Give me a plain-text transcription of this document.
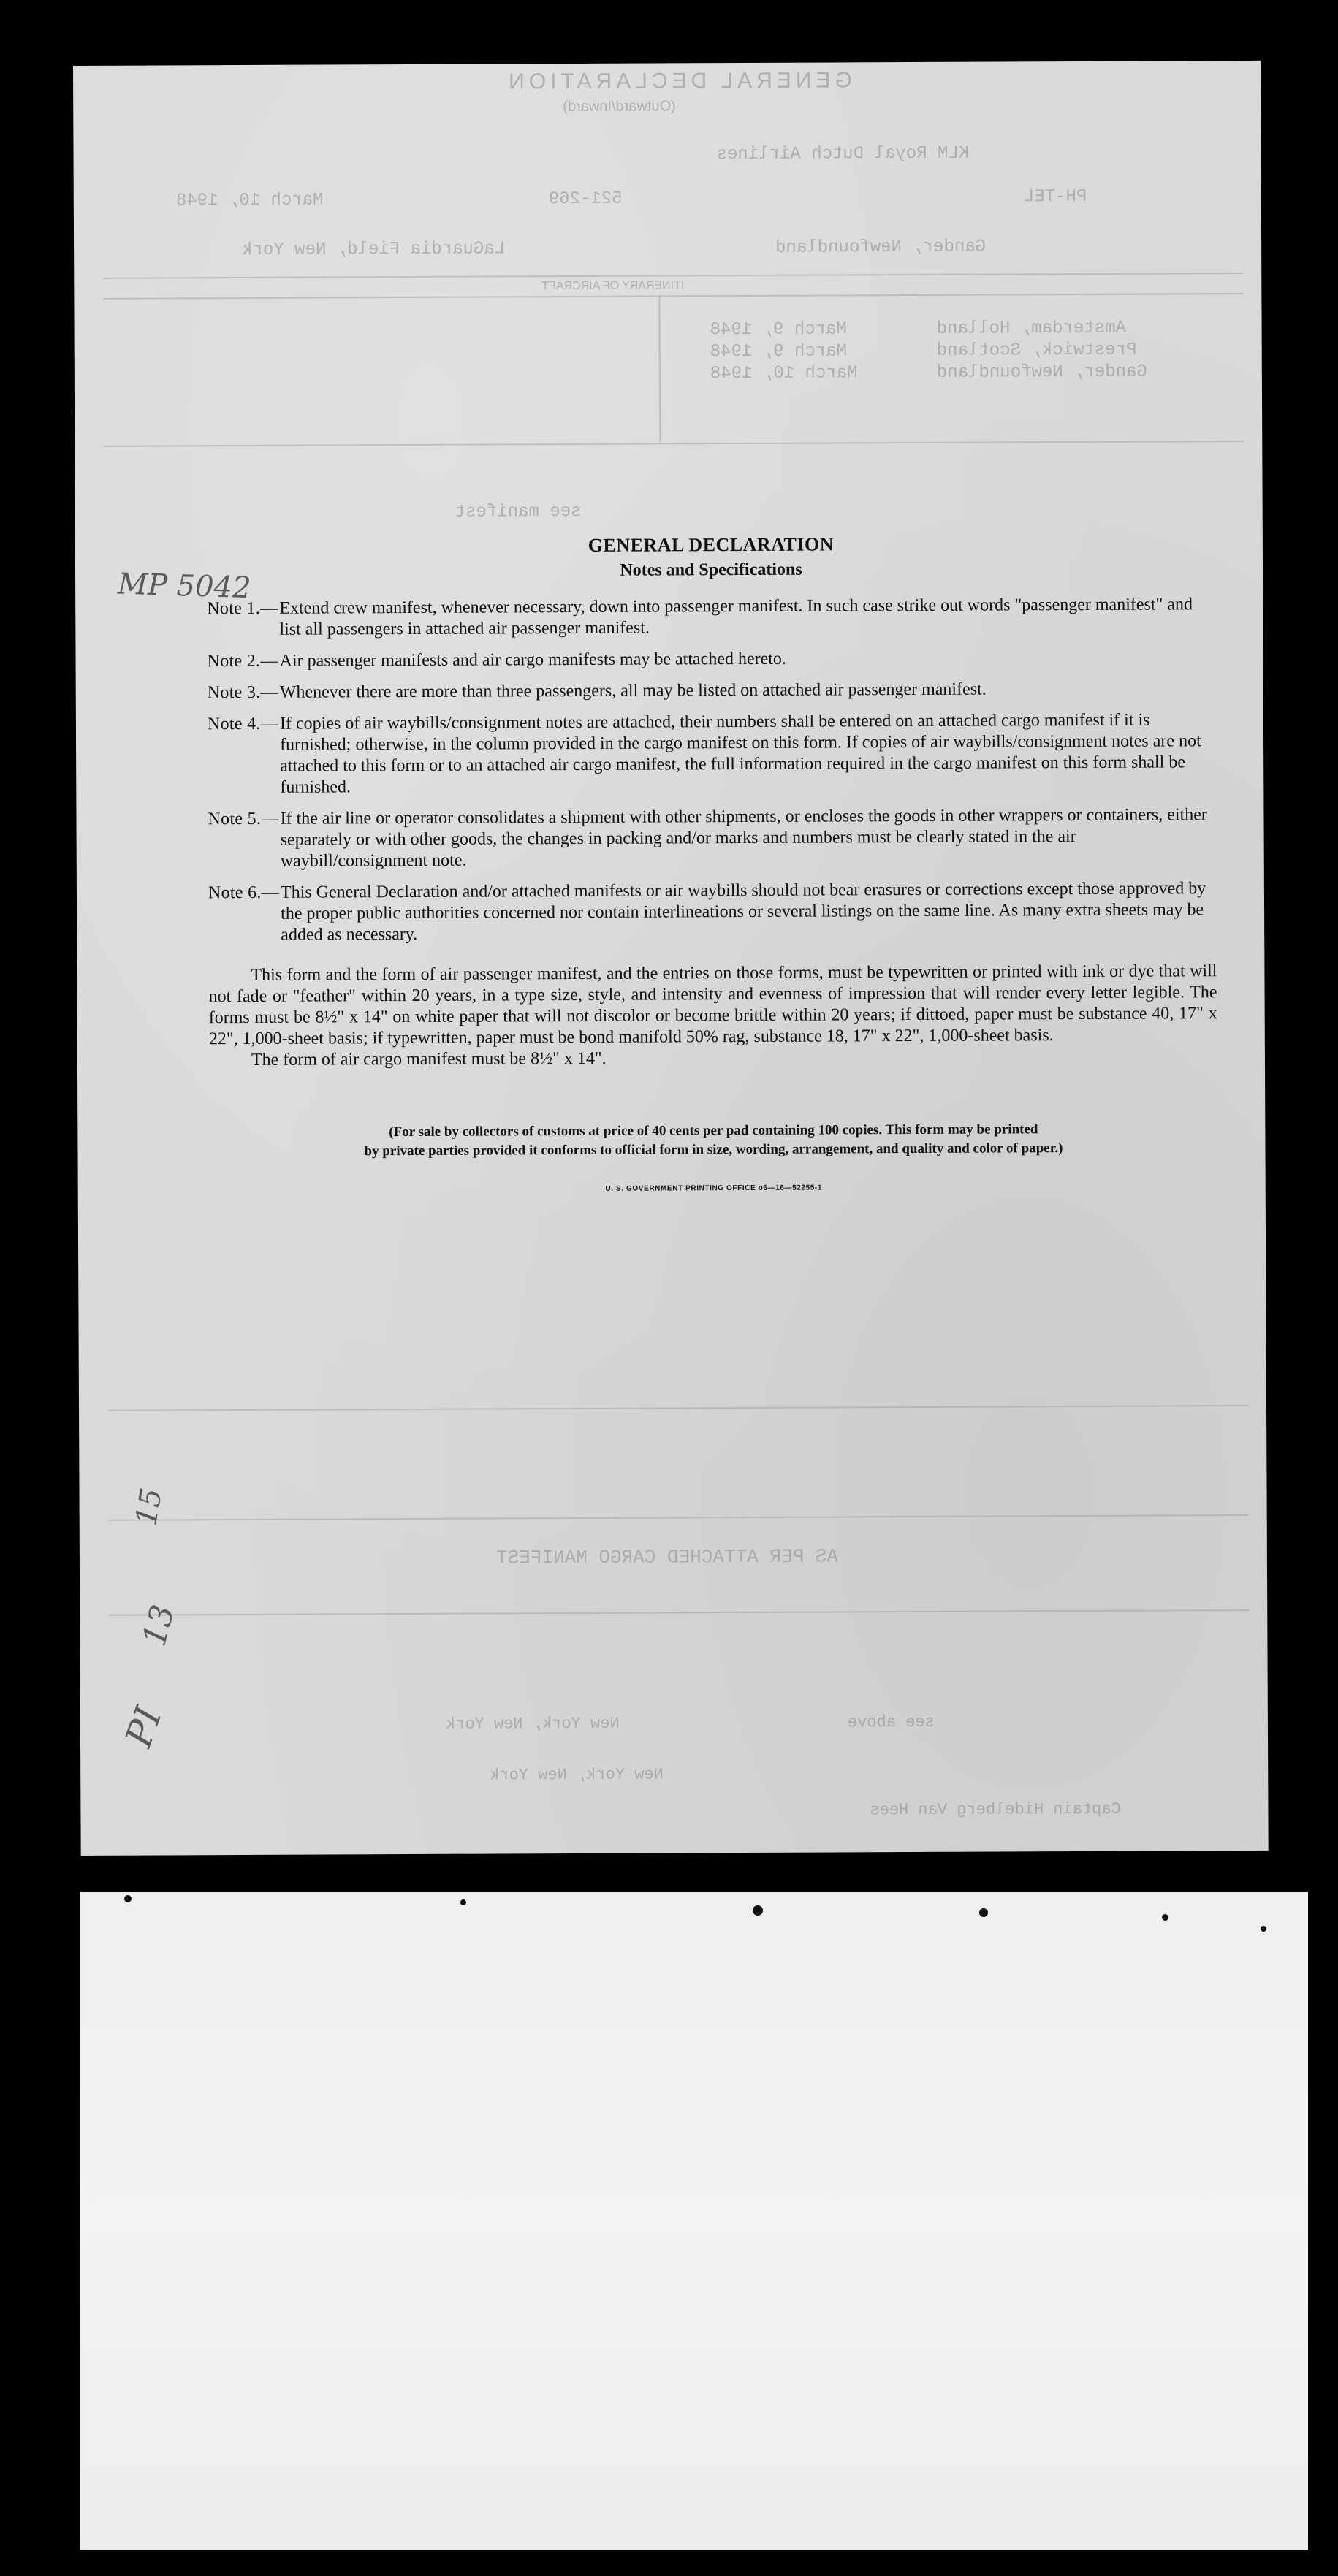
GENERAL DECLARATION
(Outward/Inward)
KLM Royal Dutch Airlines
PH-TEL
521-269
March 10, 1948
Gander, Newfoundland
LaGuardia Field, New York
ITINERARY OF AIRCRAFT
Amsterdam, Holland
March 9, 1948
Prestwick, Scotland
March 9, 1948
Gander, Newfoundland
March 10, 1948
see manifest
AS PER ATTACHED CARGO MANIFEST
see above
New York, New York
New York, New York
Captain Hidelberg Van Hees
MP 5042
15
13
PI

GENERAL DECLARATION

Notes and Specifications

Note 1.— Extend crew manifest, whenever necessary, down into passenger manifest. In such case strike out words "passenger manifest" and list all passengers in attached air passenger manifest.
Note 2.— Air passenger manifests and air cargo manifests may be attached hereto.
Note 3.— Whenever there are more than three passengers, all may be listed on attached air passenger manifest.
Note 4.— If copies of air waybills/consignment notes are attached, their numbers shall be entered on an attached cargo manifest if it is furnished; otherwise, in the column provided in the cargo manifest on this form. If copies of air waybills/consignment notes are not attached to this form or to an attached air cargo manifest, the full information required in the cargo manifest on this form shall be furnished.
Note 5.— If the air line or operator consolidates a shipment with other shipments, or encloses the goods in other wrappers or containers, either separately or with other goods, the changes in packing and/or marks and numbers must be clearly stated in the air waybill/consignment note.
Note 6.— This General Declaration and/or attached manifests or air waybills should not bear erasures or corrections except those approved by the proper public authorities concerned nor contain interlineations or several listings on the same line. As many extra sheets may be added as necessary.

This form and the form of air passenger manifest, and the entries on those forms, must be typewritten or printed with ink or dye that will not fade or "feather" within 20 years, in a type size, style, and intensity and evenness of impression that will render every letter legible. The forms must be 8½" x 14" on white paper that will not discolor or become brittle within 20 years; if dittoed, paper must be substance 40, 17" x 22", 1,000-sheet basis; if typewritten, paper must be bond manifold 50% rag, substance 18, 17" x 22", 1,000-sheet basis.

The form of air cargo manifest must be 8½" x 14".

(For sale by collectors of customs at price of 40 cents per pad containing 100 copies. This form may be printed
by private parties provided it conforms to official form in size, wording, arrangement, and quality and color of paper.)
U. S. GOVERNMENT PRINTING OFFICE o6—16—52255-1
